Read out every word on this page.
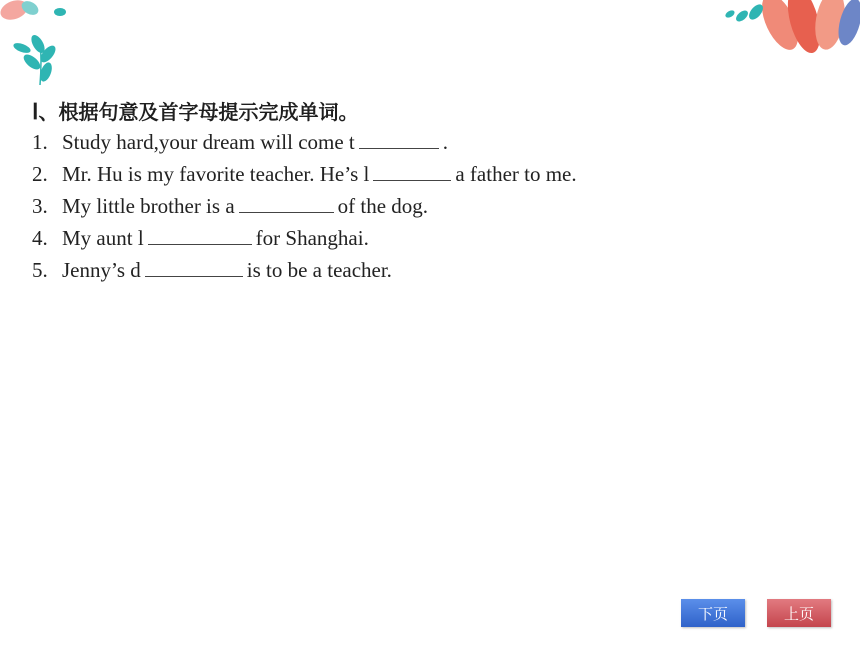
Ⅰ、根据句意及首字母提示完成单词。
1. Study hard,your dream will come t	.
2. Mr. Hu is my favorite teacher. He’s l	a father to me.
3. My little brother is a	of the dog.
4. My aunt l	for Shanghai.
5. Jenny’s d	is to be a teacher.
下页	上页
